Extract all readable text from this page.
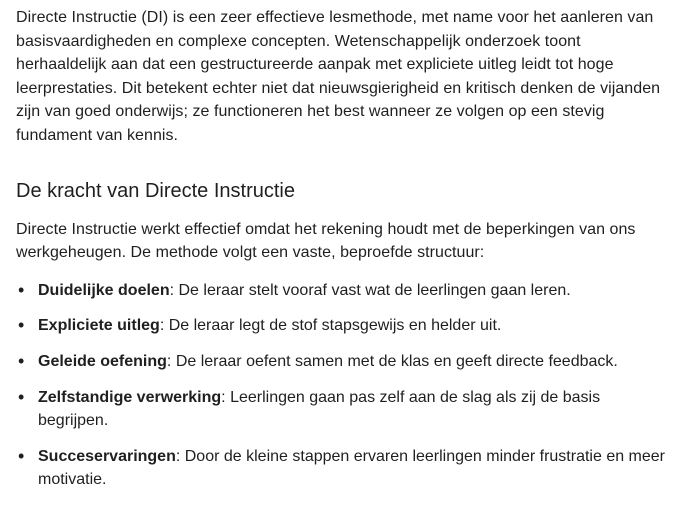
Directe Instructie (DI) is een zeer effectieve lesmethode, met name voor het aanleren van basisvaardigheden en complexe concepten. Wetenschappelijk onderzoek toont herhaaldelijk aan dat een gestructureerde aanpak met expliciete uitleg leidt tot hoge leerprestaties. Dit betekent echter niet dat nieuwsgierigheid en kritisch denken de vijanden zijn van goed onderwijs; ze functioneren het best wanneer ze volgen op een stevig fundament van kennis.

De kracht van Directe Instructie

Directe Instructie werkt effectief omdat het rekening houdt met de beperkingen van ons werkgeheugen. De methode volgt een vaste, beproefde structuur:

• Duidelijke doelen: De leraar stelt vooraf vast wat de leerlingen gaan leren.
• Expliciete uitleg: De leraar legt de stof stapsgewijs en helder uit.
• Geleide oefening: De leraar oefent samen met de klas en geeft directe feedback.
• Zelfstandige verwerking: Leerlingen gaan pas zelf aan de slag als zij de basis begrijpen.
• Succeservaringen: Door de kleine stappen ervaren leerlingen minder frustratie en meer motivatie.
